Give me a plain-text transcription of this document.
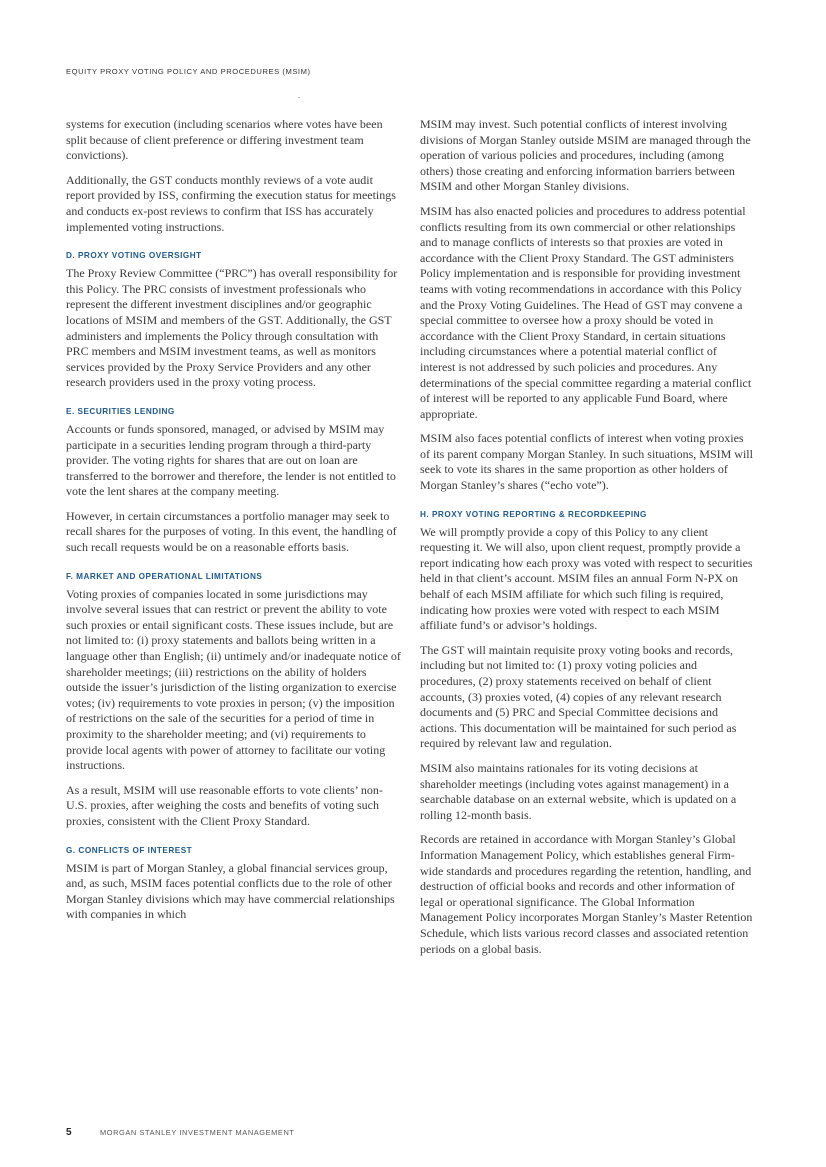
EQUITY PROXY VOTING POLICY AND PROCEDURES (MSIM)
.

systems for execution (including scenarios where votes have been split because of client preference or differing investment team convictions).

Additionally, the GST conducts monthly reviews of a vote audit report provided by ISS, confirming the execution status for meetings and conducts ex-post reviews to confirm that ISS has accurately implemented voting instructions.

D. PROXY VOTING OVERSIGHT

The Proxy Review Committee (“PRC”) has overall responsibility for this Policy. The PRC consists of investment professionals who represent the different investment disciplines and/or geographic locations of MSIM and members of the GST. Additionally, the GST administers and implements the Policy through consultation with PRC members and MSIM investment teams, as well as monitors services provided by the Proxy Service Providers and any other research providers used in the proxy voting process.

E. SECURITIES LENDING

Accounts or funds sponsored, managed, or advised by MSIM may participate in a securities lending program through a third-party provider. The voting rights for shares that are out on loan are transferred to the borrower and therefore, the lender is not entitled to vote the lent shares at the company meeting.

However, in certain circumstances a portfolio manager may seek to recall shares for the purposes of voting. In this event, the handling of such recall requests would be on a reasonable efforts basis.

F. MARKET AND OPERATIONAL LIMITATIONS

Voting proxies of companies located in some jurisdictions may involve several issues that can restrict or prevent the ability to vote such proxies or entail significant costs. These issues include, but are not limited to: (i) proxy statements and ballots being written in a language other than English; (ii) untimely and/or inadequate notice of shareholder meetings; (iii) restrictions on the ability of holders outside the issuer’s jurisdiction of the listing organization to exercise votes; (iv) requirements to vote proxies in person; (v) the imposition of restrictions on the sale of the securities for a period of time in proximity to the shareholder meeting; and (vi) requirements to provide local agents with power of attorney to facilitate our voting instructions.

As a result, MSIM will use reasonable efforts to vote clients’ non-U.S. proxies, after weighing the costs and benefits of voting such proxies, consistent with the Client Proxy Standard.

G. CONFLICTS OF INTEREST

MSIM is part of Morgan Stanley, a global financial services group, and, as such, MSIM faces potential conflicts due to the role of other Morgan Stanley divisions which may have commercial relationships with companies in which

MSIM may invest. Such potential conflicts of interest involving divisions of Morgan Stanley outside MSIM are managed through the operation of various policies and procedures, including (among others) those creating and enforcing information barriers between MSIM and other Morgan Stanley divisions.

MSIM has also enacted policies and procedures to address potential conflicts resulting from its own commercial or other relationships and to manage conflicts of interests so that proxies are voted in accordance with the Client Proxy Standard. The GST administers Policy implementation and is responsible for providing investment teams with voting recommendations in accordance with this Policy and the Proxy Voting Guidelines. The Head of GST may convene a special committee to oversee how a proxy should be voted in accordance with the Client Proxy Standard, in certain situations including circumstances where a potential material conflict of interest is not addressed by such policies and procedures. Any determinations of the special committee regarding a material conflict of interest will be reported to any applicable Fund Board, where appropriate.

MSIM also faces potential conflicts of interest when voting proxies of its parent company Morgan Stanley. In such situations, MSIM will seek to vote its shares in the same proportion as other holders of Morgan Stanley’s shares (“echo vote”).

H. PROXY VOTING REPORTING & RECORDKEEPING

We will promptly provide a copy of this Policy to any client requesting it. We will also, upon client request, promptly provide a report indicating how each proxy was voted with respect to securities held in that client’s account. MSIM files an annual Form N-PX on behalf of each MSIM affiliate for which such filing is required, indicating how proxies were voted with respect to each MSIM affiliate fund’s or advisor’s holdings.

The GST will maintain requisite proxy voting books and records, including but not limited to: (1) proxy voting policies and procedures, (2) proxy statements received on behalf of client accounts, (3) proxies voted, (4) copies of any relevant research documents and (5) PRC and Special Committee decisions and actions. This documentation will be maintained for such period as required by relevant law and regulation.

MSIM also maintains rationales for its voting decisions at shareholder meetings (including votes against management) in a searchable database on an external website, which is updated on a rolling 12-month basis.

Records are retained in accordance with Morgan Stanley’s Global Information Management Policy, which establishes general Firm-wide standards and procedures regarding the retention, handling, and destruction of official books and records and other information of legal or operational significance. The Global Information Management Policy incorporates Morgan Stanley’s Master Retention Schedule, which lists various record classes and associated retention periods on a global basis.

5	MORGAN STANLEY INVESTMENT MANAGEMENT
